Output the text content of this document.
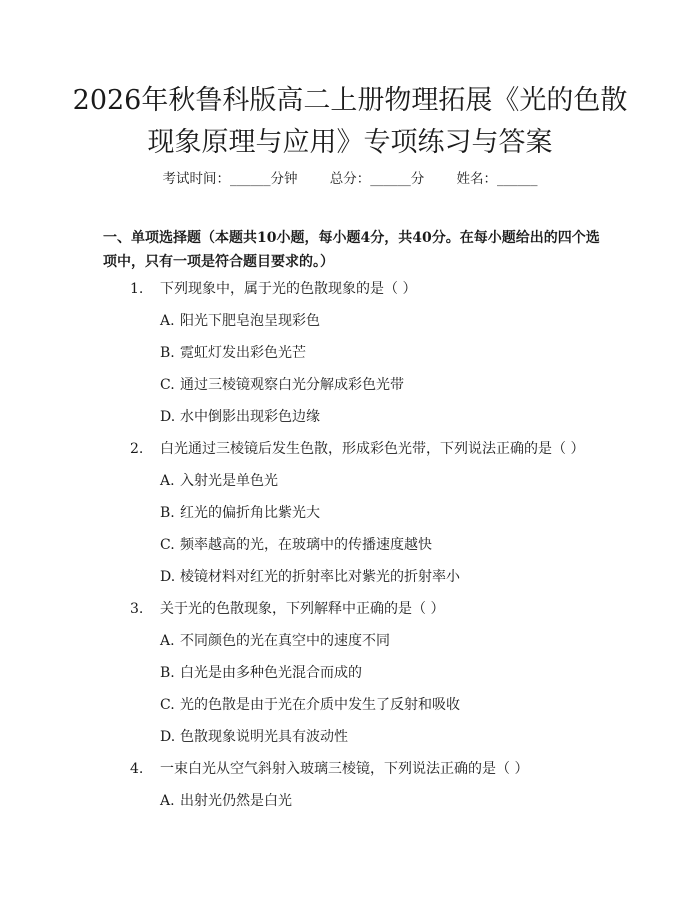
2026年秋鲁科版高二上册物理拓展《光的色散现象原理与应用》专项练习与答案
考试时间：______分钟 总分：______分 姓名：______

一、单项选择题（本题共10小题，每小题4分，共40分。在每小题给出的四个选项中，只有一项是符合题目要求的。）

1. 下列现象中，属于光的色散现象的是（ ）
A. 阳光下肥皂泡呈现彩色
B. 霓虹灯发出彩色光芒
C. 通过三棱镜观察白光分解成彩色光带
D. 水中倒影出现彩色边缘
2. 白光通过三棱镜后发生色散，形成彩色光带，下列说法正确的是（ ）
A. 入射光是单色光
B. 红光的偏折角比紫光大
C. 频率越高的光，在玻璃中的传播速度越快
D. 棱镜材料对红光的折射率比对紫光的折射率小
3. 关于光的色散现象，下列解释中正确的是（ ）
A. 不同颜色的光在真空中的速度不同
B. 白光是由多种色光混合而成的
C. 光的色散是由于光在介质中发生了反射和吸收
D. 色散现象说明光具有波动性
4. 一束白光从空气斜射入玻璃三棱镜，下列说法正确的是（ ）
A. 出射光仍然是白光
